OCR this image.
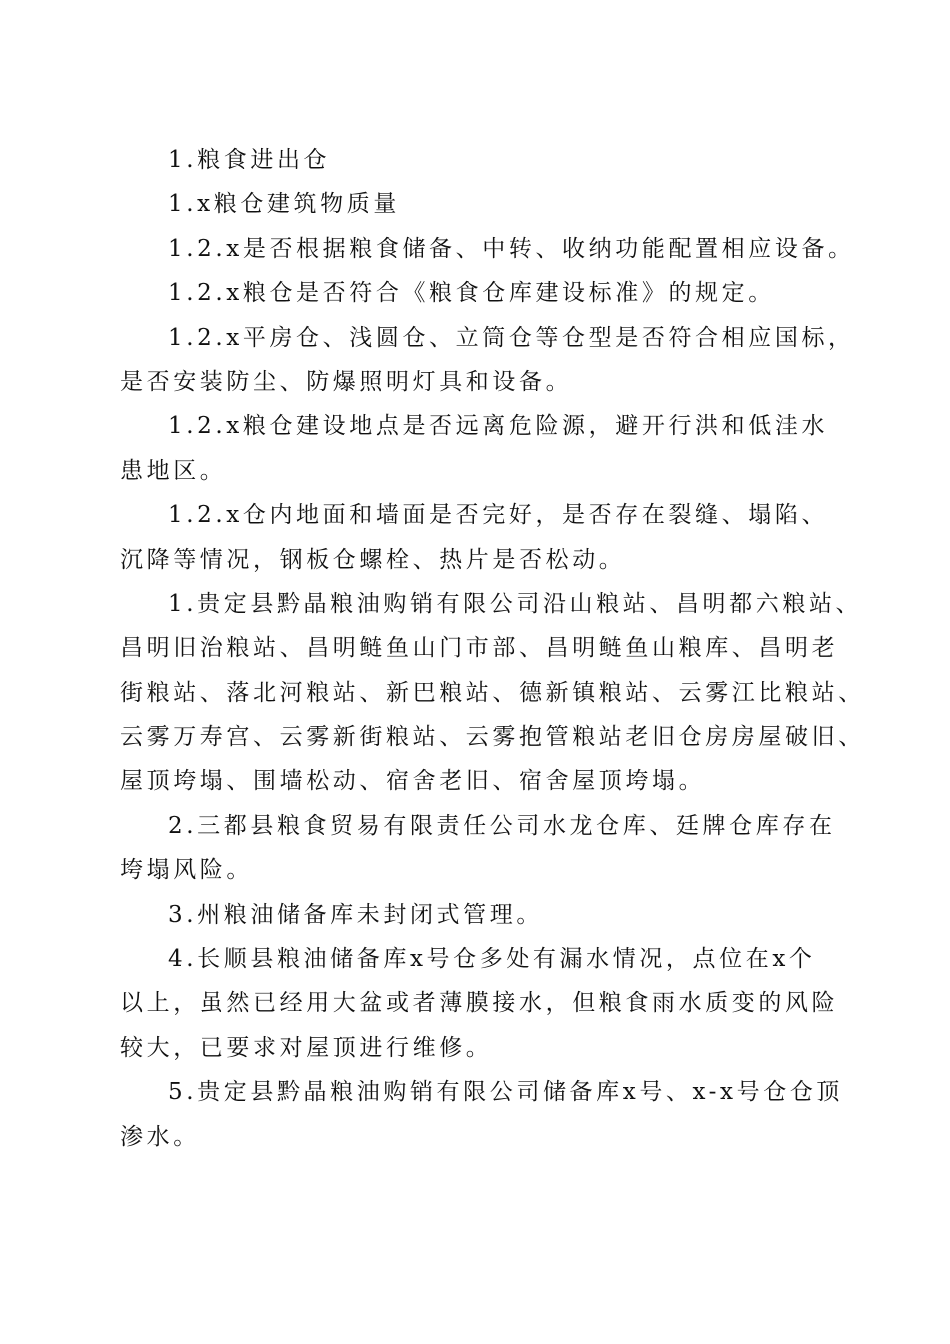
1.粮食进出仓
1.x粮仓建筑物质量
1.2.x是否根据粮食储备、中转、收纳功能配置相应设备。
1.2.x粮仓是否符合《粮食仓库建设标准》的规定。
1.2.x平房仓、浅圆仓、立筒仓等仓型是否符合相应国标，
是否安装防尘、防爆照明灯具和设备。
1.2.x粮仓建设地点是否远离危险源，避开行洪和低洼水
患地区。
1.2.x仓内地面和墙面是否完好，是否存在裂缝、塌陷、
沉降等情况，钢板仓螺栓、热片是否松动。
1.贵定县黔晶粮油购销有限公司沿山粮站、昌明都六粮站、
昌明旧治粮站、昌明鲢鱼山门市部、昌明鲢鱼山粮库、昌明老
街粮站、落北河粮站、新巴粮站、德新镇粮站、云雾江比粮站、
云雾万寿宫、云雾新街粮站、云雾抱管粮站老旧仓房房屋破旧、
屋顶垮塌、围墙松动、宿舍老旧、宿舍屋顶垮塌。
2.三都县粮食贸易有限责任公司水龙仓库、廷牌仓库存在
垮塌风险。
3.州粮油储备库未封闭式管理。
4.长顺县粮油储备库x号仓多处有漏水情况，点位在x个
以上，虽然已经用大盆或者薄膜接水，但粮食雨水质变的风险
较大，已要求对屋顶进行维修。
5.贵定县黔晶粮油购销有限公司储备库x号、x-x号仓仓顶
渗水。
